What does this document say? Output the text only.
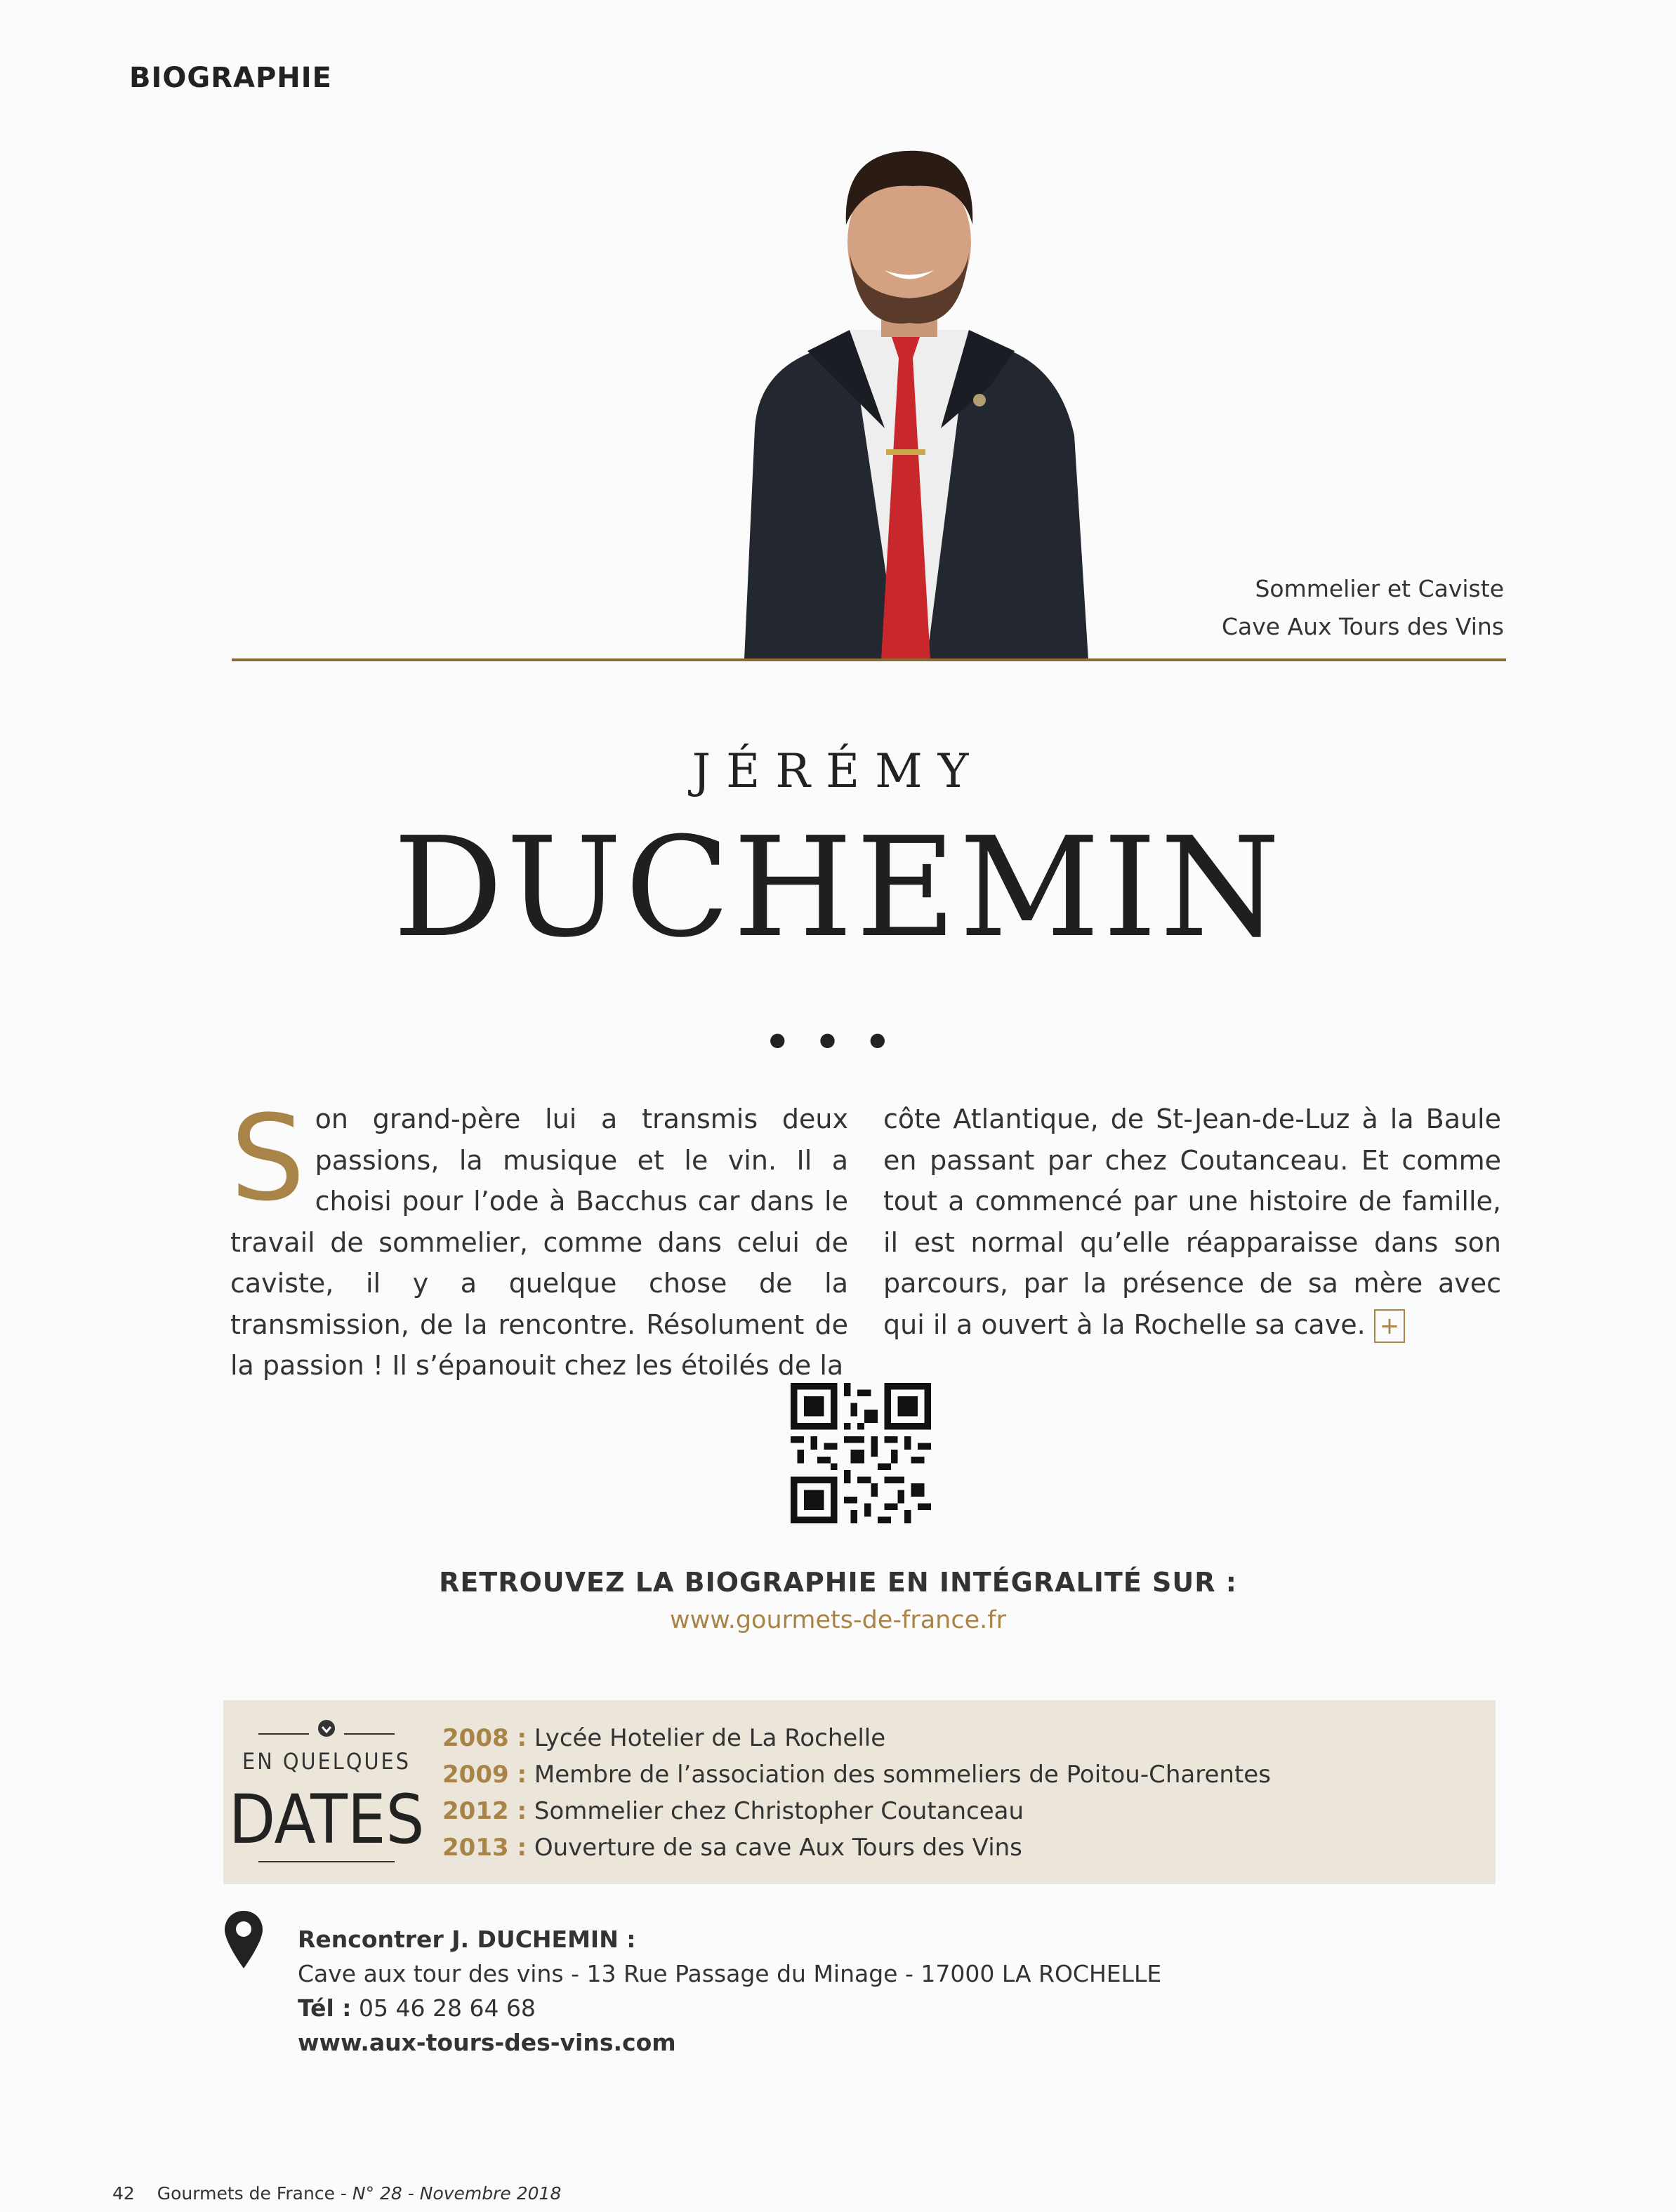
BIOGRAPHIE
Sommelier et Caviste
Cave Aux Tours des Vins
JÉRÉMY
DUCHEMIN
•••
Son grand-père lui a transmis deux passions, la musique et le vin. Il a choisi pour l’ode à Bacchus car dans le travail de sommelier, comme dans celui de caviste, il y a quelque chose de la transmission, de la rencontre. Résolument de la passion ! Il s’épanouit chez les étoilés de la
côte Atlantique, de St-Jean-de-Luz à la Baule en passant par chez Coutanceau. Et comme tout a commencé par une histoire de famille, il est normal qu’elle réapparaisse dans son parcours, par la présence de sa mère avec qui il a ouvert à la Rochelle sa cave. +
RETROUVEZ LA BIOGRAPHIE EN INTÉGRALITÉ SUR :
www.gourmets-de-france.fr
EN QUELQUES
DATES
2008 : Lycée Hotelier de La Rochelle
2009 : Membre de l’association des sommeliers de Poitou-Charentes
2012 : Sommelier chez Christopher Coutanceau
2013 : Ouverture de sa cave Aux Tours des Vins
Rencontrer J. DUCHEMIN :
Cave aux tour des vins - 13 Rue Passage du Minage - 17000 LA ROCHELLE
Tél : 05 46 28 64 68
www.aux-tours-des-vins.com
42 Gourmets de France - N° 28 - Novembre 2018
